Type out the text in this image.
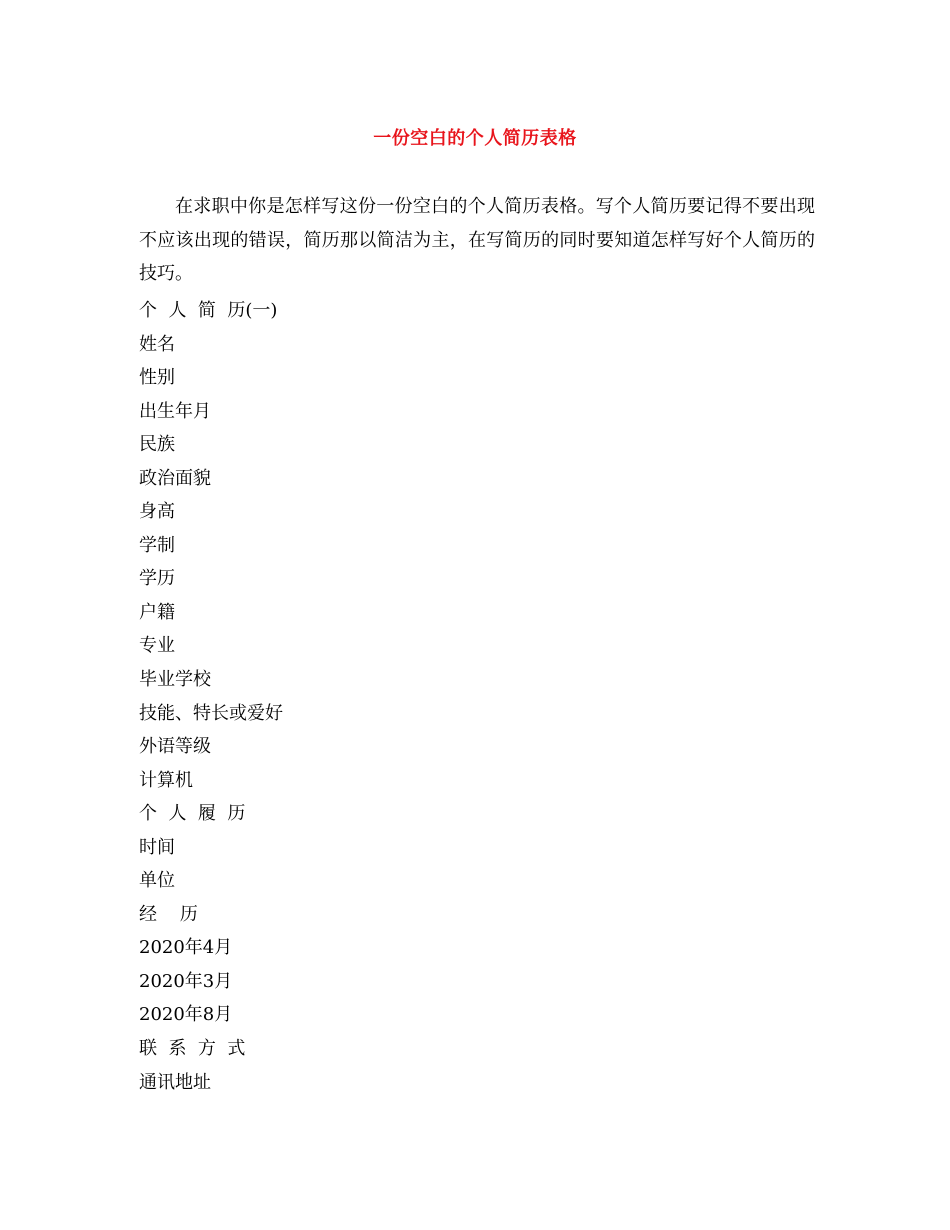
一份空白的个人简历表格

在求职中你是怎样写这份一份空白的个人简历表格。写个人简历要记得不要出现不应该出现的错误，简历那以简洁为主，在写简历的同时要知道怎样写好个人简历的技巧。

个  人  简  历(一)
姓名
性别
出生年月
民族
政治面貌
身高
学制
学历
户籍
专业
毕业学校
技能、特长或爱好
外语等级
计算机
个  人  履  历
时间
单位
经    历
2020年4月
2020年3月
2020年8月
联  系  方  式
通讯地址
